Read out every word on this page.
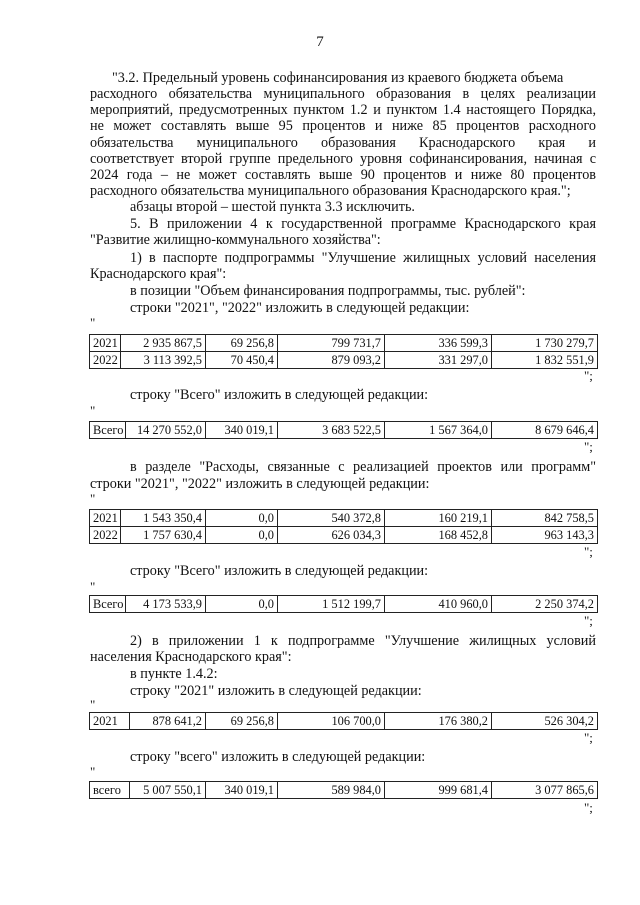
7
"3.2. Предельный уровень софинансирования из краевого бюджета объема
расходного обязательства муниципального образования в целях реализации
мероприятий, предусмотренных пунктом 1.2 и пунктом 1.4 настоящего Порядка,
не может составлять выше 95 процентов и ниже 85 процентов расходного
обязательства муниципального образования Краснодарского края и
соответствует второй группе предельного уровня софинансирования, начиная с
2024 года – не может составлять выше 90 процентов и ниже 80 процентов
расходного обязательства муниципального образования Краснодарского края.";
абзацы второй – шестой пункта 3.3 исключить.
5. В приложении 4 к государственной программе Краснодарского края
"Развитие жилищно-коммунального хозяйства":
1) в паспорте подпрограммы "Улучшение жилищных условий населения
Краснодарского края":
в позиции "Объем финансирования подпрограммы, тыс. рублей":
строки "2021", "2022" изложить в следующей редакции:
"
2021	2 935 867,5	69 256,8	799 731,7	336 599,3	1 730 279,7
2022	3 113 392,5	70 450,4	879 093,2	331 297,0	1 832 551,9
";
строку "Всего" изложить в следующей редакции:
"
Всего	14 270 552,0	340 019,1	3 683 522,5	1 567 364,0	8 679 646,4
";
в разделе "Расходы, связанные с реализацией проектов или программ"
строки "2021", "2022" изложить в следующей редакции:
"
2021	1 543 350,4	0,0	540 372,8	160 219,1	842 758,5
2022	1 757 630,4	0,0	626 034,3	168 452,8	963 143,3
";
строку "Всего" изложить в следующей редакции:
"
Всего	4 173 533,9	0,0	1 512 199,7	410 960,0	2 250 374,2
";
2) в приложении 1 к подпрограмме "Улучшение жилищных условий
населения Краснодарского края":
в пункте 1.4.2:
строку "2021" изложить в следующей редакции:
"
2021	878 641,2	69 256,8	106 700,0	176 380,2	526 304,2
";
строку "всего" изложить в следующей редакции:
"
всего	5 007 550,1	340 019,1	589 984,0	999 681,4	3 077 865,6
";
